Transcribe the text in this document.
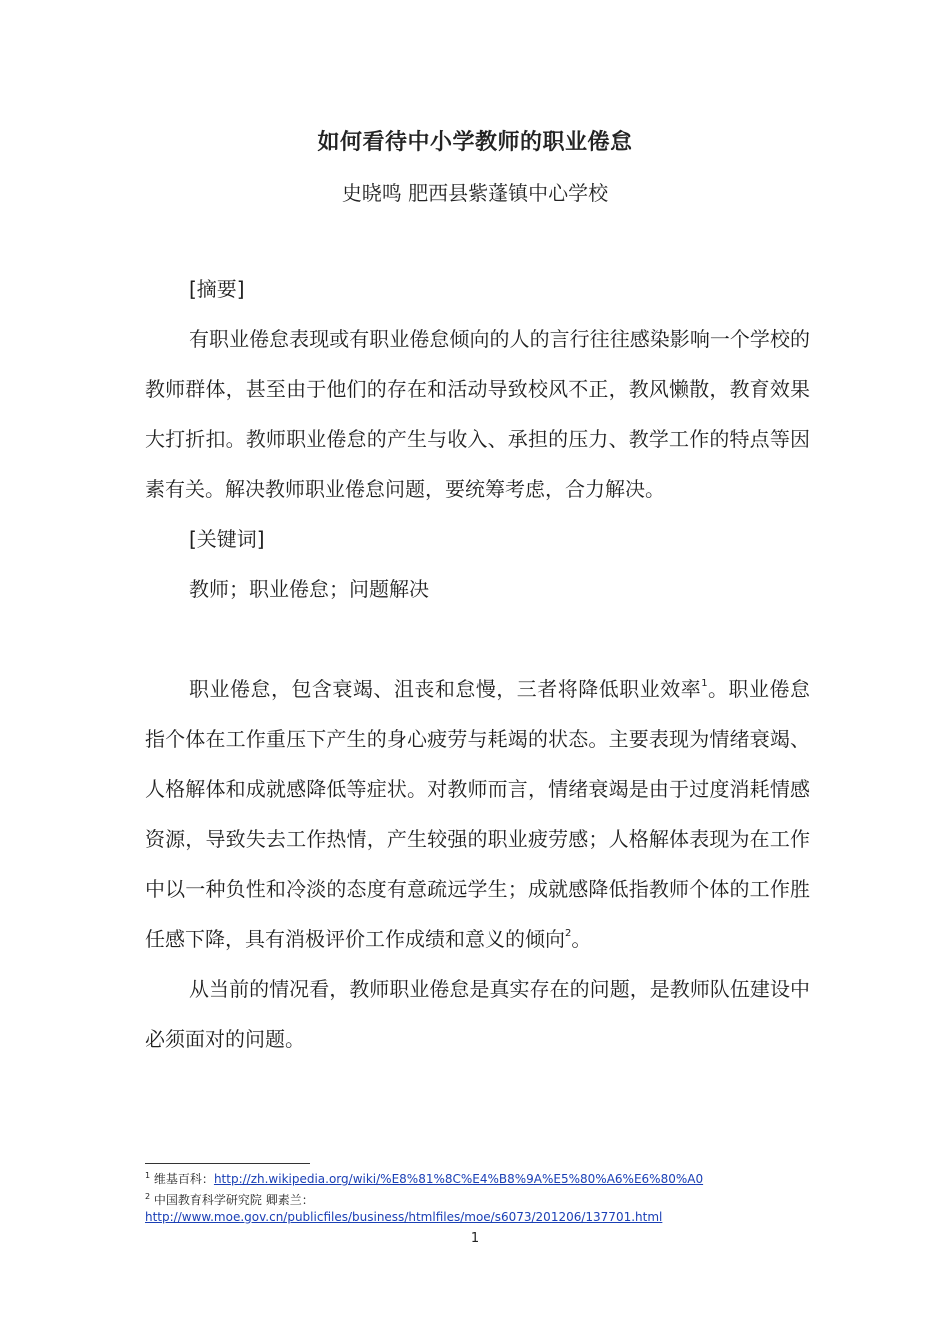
如何看待中小学教师的职业倦怠
史晓鸣 肥西县紫蓬镇中心学校

[摘要]

有职业倦怠表现或有职业倦怠倾向的人的言行往往感染影响一个学校的教师群体，甚至由于他们的存在和活动导致校风不正，教风懒散，教育效果大打折扣。教师职业倦怠的产生与收入、承担的压力、教学工作的特点等因素有关。解决教师职业倦怠问题，要统筹考虑，合力解决。

[关键词]

教师；职业倦怠；问题解决

职业倦怠，包含衰竭、沮丧和怠慢，三者将降低职业效率$^1$。职业倦怠指个体在工作重压下产生的身心疲劳与耗竭的状态。主要表现为情绪衰竭、人格解体和成就感降低等症状。对教师而言，情绪衰竭是由于过度消耗情感资源，导致失去工作热情，产生较强的职业疲劳感；人格解体表现为在工作中以一种负性和冷淡的态度有意疏远学生；成就感降低指教师个体的工作胜任感下降，具有消极评价工作成绩和意义的倾向$^2$。

从当前的情况看，教师职业倦怠是真实存在的问题，是教师队伍建设中必须面对的问题。

$^1$ 维基百科：http://zh.wikipedia.org/wiki/%E8%81%8C%E4%B8%9A%E5%80%A6%E6%80%A0
$^2$ 中国教育科学研究院 卿素兰：
http://www.moe.gov.cn/publicfiles/business/htmlfiles/moe/s6073/201206/137701.html
1
